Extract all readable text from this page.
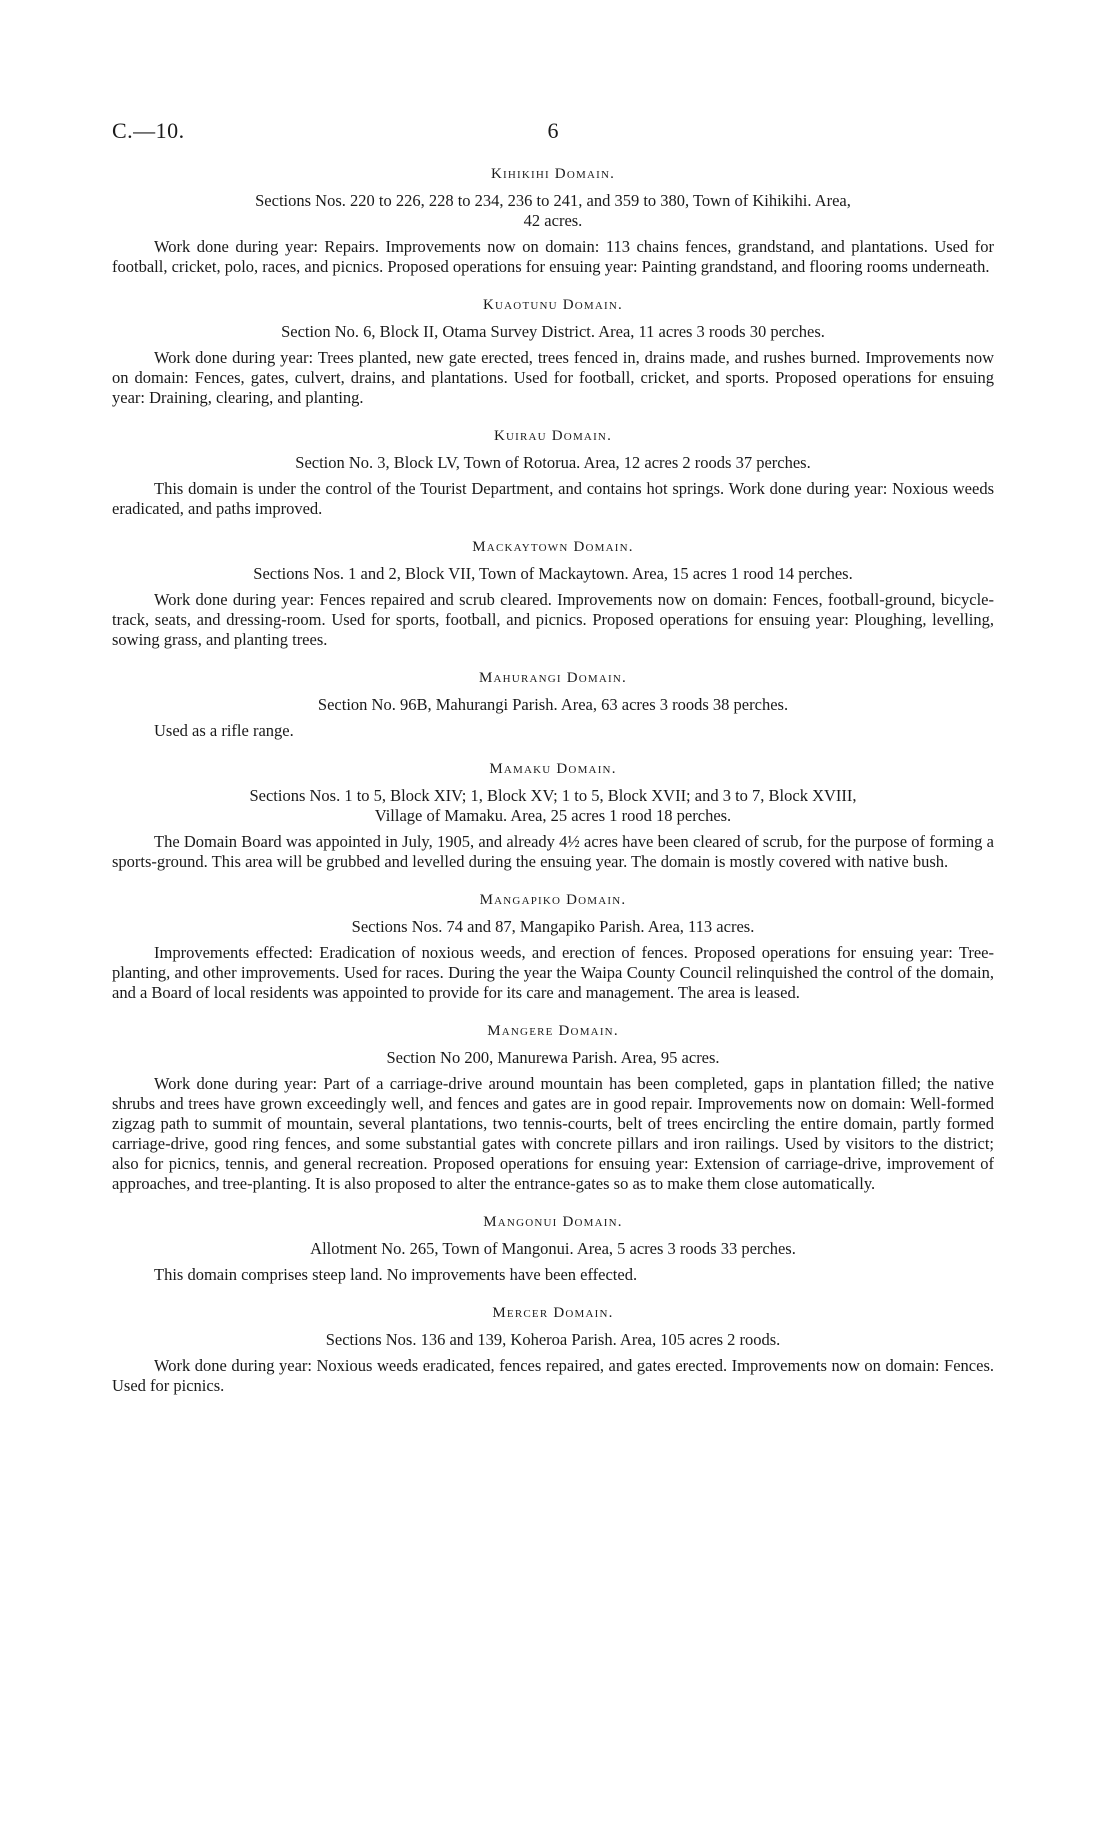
C.—10.	6
Kihikihi Domain.
Sections Nos. 220 to 226, 228 to 234, 236 to 241, and 359 to 380, Town of Kihikihi. Area,
42 acres.

Work done during year: Repairs. Improvements now on domain: 113 chains fences, grandstand, and plantations. Used for football, cricket, polo, races, and picnics. Proposed operations for ensuing year: Painting grandstand, and flooring rooms underneath.

Kuaotunu Domain.
Section No. 6, Block II, Otama Survey District. Area, 11 acres 3 roods 30 perches.

Work done during year: Trees planted, new gate erected, trees fenced in, drains made, and rushes burned. Improvements now on domain: Fences, gates, culvert, drains, and plantations. Used for football, cricket, and sports. Proposed operations for ensuing year: Draining, clearing, and planting.

Kuirau Domain.
Section No. 3, Block LV, Town of Rotorua. Area, 12 acres 2 roods 37 perches.

This domain is under the control of the Tourist Department, and contains hot springs. Work done during year: Noxious weeds eradicated, and paths improved.

Mackaytown Domain.
Sections Nos. 1 and 2, Block VII, Town of Mackaytown. Area, 15 acres 1 rood 14 perches.

Work done during year: Fences repaired and scrub cleared. Improvements now on domain: Fences, football-ground, bicycle-track, seats, and dressing-room. Used for sports, football, and picnics. Proposed operations for ensuing year: Ploughing, levelling, sowing grass, and planting trees.

Mahurangi Domain.
Section No. 96B, Mahurangi Parish. Area, 63 acres 3 roods 38 perches.

Used as a rifle range.

Mamaku Domain.
Sections Nos. 1 to 5, Block XIV; 1, Block XV; 1 to 5, Block XVII; and 3 to 7, Block XVIII,
Village of Mamaku. Area, 25 acres 1 rood 18 perches.

The Domain Board was appointed in July, 1905, and already 4½ acres have been cleared of scrub, for the purpose of forming a sports-ground. This area will be grubbed and levelled during the ensuing year. The domain is mostly covered with native bush.

Mangapiko Domain.
Sections Nos. 74 and 87, Mangapiko Parish. Area, 113 acres.

Improvements effected: Eradication of noxious weeds, and erection of fences. Proposed operations for ensuing year: Tree-planting, and other improvements. Used for races. During the year the Waipa County Council relinquished the control of the domain, and a Board of local residents was appointed to provide for its care and management. The area is leased.

Mangere Domain.
Section No 200, Manurewa Parish. Area, 95 acres.

Work done during year: Part of a carriage-drive around mountain has been completed, gaps in plantation filled; the native shrubs and trees have grown exceedingly well, and fences and gates are in good repair. Improvements now on domain: Well-formed zigzag path to summit of mountain, several plantations, two tennis-courts, belt of trees encircling the entire domain, partly formed carriage-drive, good ring fences, and some substantial gates with concrete pillars and iron railings. Used by visitors to the district; also for picnics, tennis, and general recreation. Proposed operations for ensuing year: Extension of carriage-drive, improvement of approaches, and tree-planting. It is also proposed to alter the entrance-gates so as to make them close automatically.

Mangonui Domain.
Allotment No. 265, Town of Mangonui. Area, 5 acres 3 roods 33 perches.

This domain comprises steep land. No improvements have been effected.

Mercer Domain.
Sections Nos. 136 and 139, Koheroa Parish. Area, 105 acres 2 roods.

Work done during year: Noxious weeds eradicated, fences repaired, and gates erected. Improvements now on domain: Fences. Used for picnics.
